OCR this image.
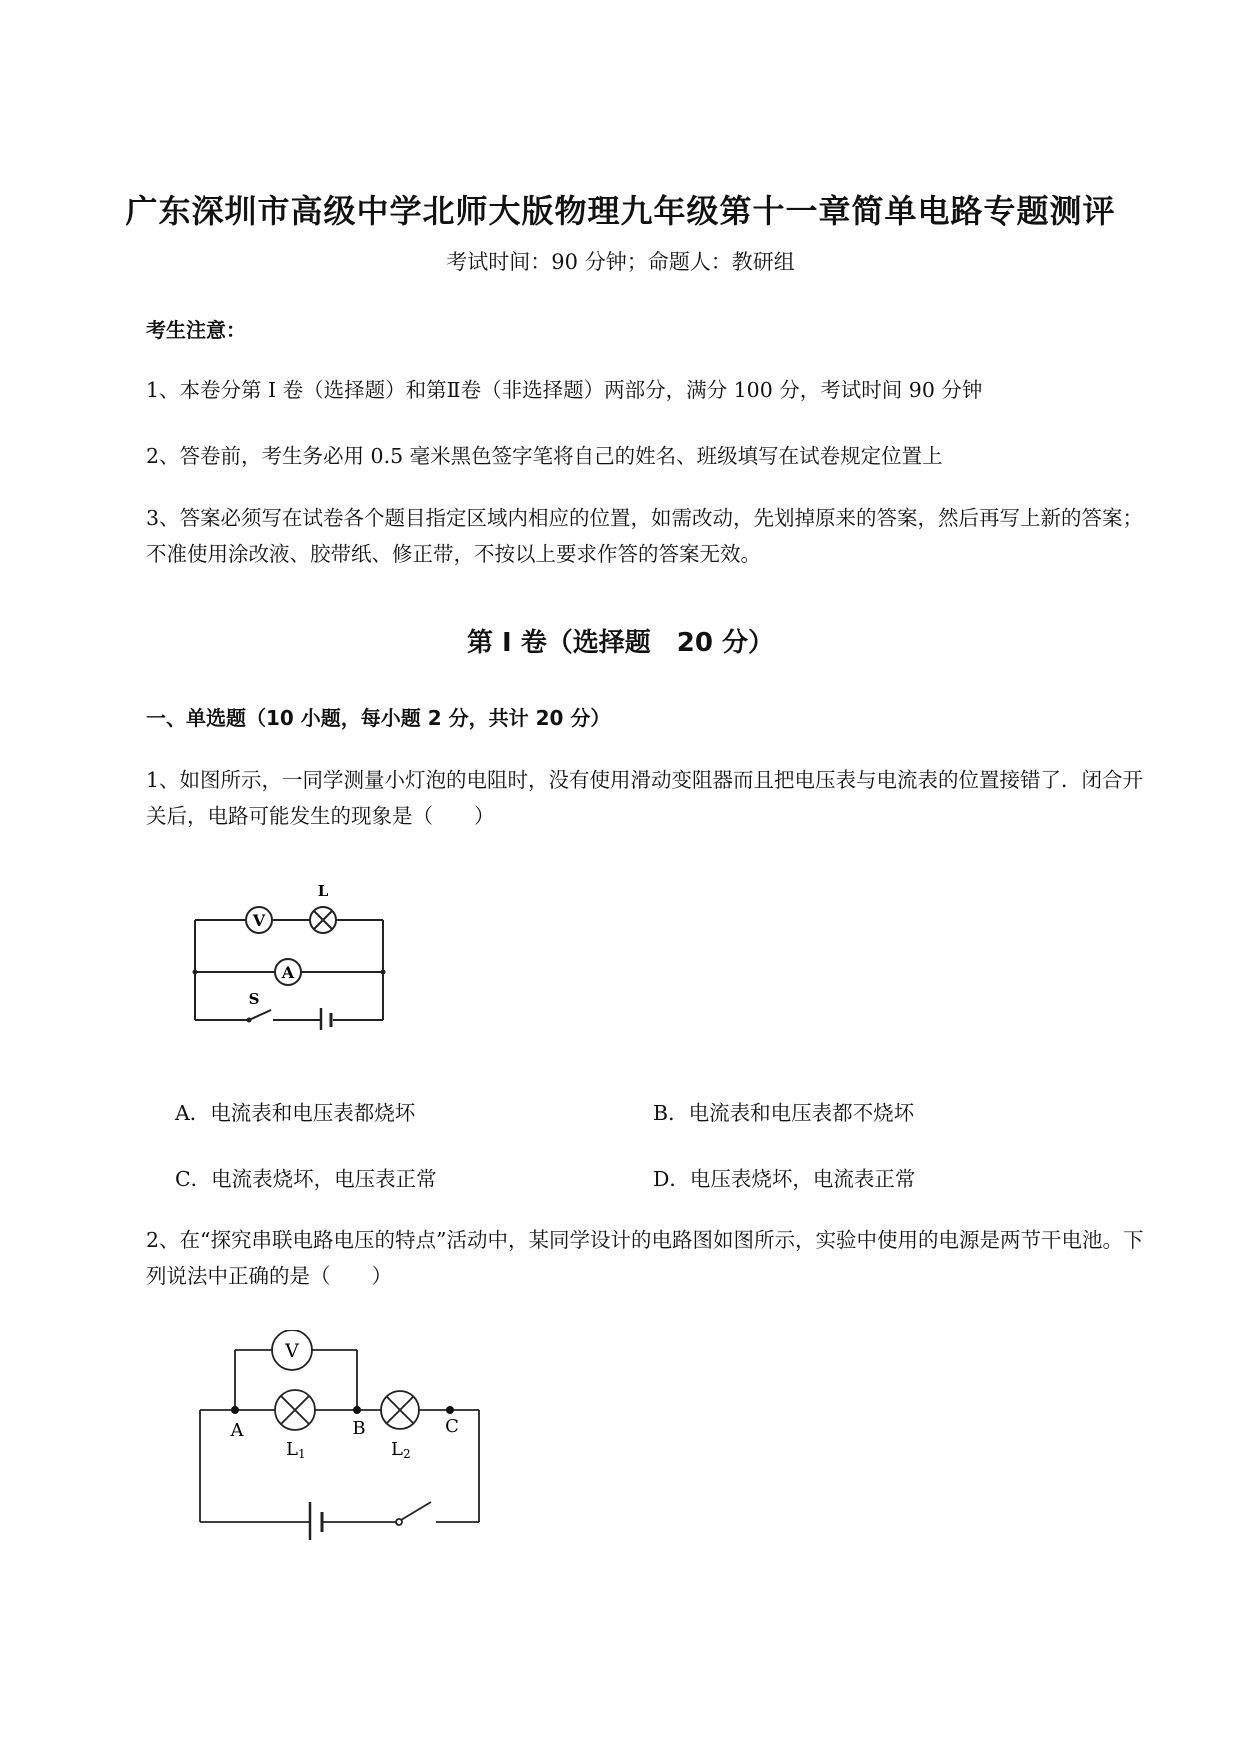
广东深圳市高级中学北师大版物理九年级第十一章简单电路专题测评
考试时间：90 分钟；命题人：教研组
考生注意：
1、本卷分第 I 卷（选择题）和第Ⅱ卷（非选择题）两部分，满分 100 分，考试时间 90 分钟
2、答卷前，考生务必用 0.5 毫米黑色签字笔将自己的姓名、班级填写在试卷规定位置上
3、答案必须写在试卷各个题目指定区域内相应的位置，如需改动，先划掉原来的答案，然后再写上新的答案；不准使用涂改液、胶带纸、修正带，不按以上要求作答的答案无效。
第 I 卷（选择题　20 分）
一、单选题（10 小题，每小题 2 分，共计 20 分）
1、如图所示，一同学测量小灯泡的电阻时，没有使用滑动变阻器而且把电压表与电流表的位置接错了．闭合开关后，电路可能发生的现象是（　　）
V
L
A
S
A．电流表和电压表都烧坏	B．电流表和电压表都不烧坏
C．电流表烧坏，电压表正常	D．电压表烧坏，电流表正常
2、在“探究串联电路电压的特点”活动中，某同学设计的电路图如图所示，实验中使用的电源是两节干电池。下列说法中正确的是（　　）
V
A	B	C
L1	L2
